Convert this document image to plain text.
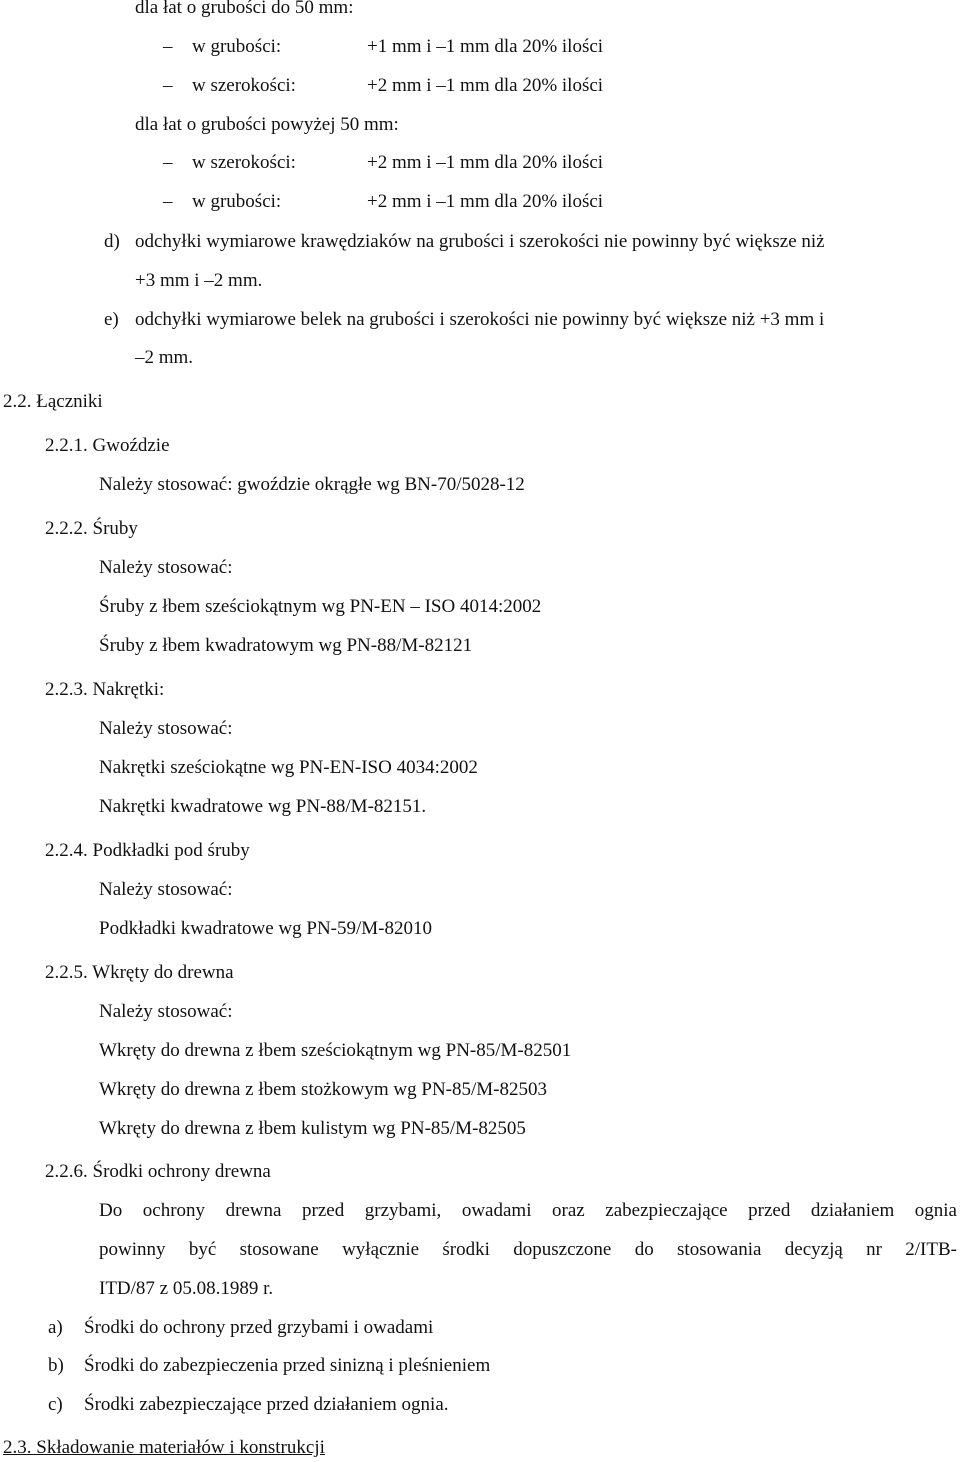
dla łat o grubości do 50 mm:
– w grubości:	+1 mm i –1 mm dla 20% ilości
– w szerokości:	+2 mm i –1 mm dla 20% ilości
dla łat o grubości powyżej 50 mm:
– w szerokości:	+2 mm i –1 mm dla 20% ilości
– w grubości:	+2 mm i –1 mm dla 20% ilości
d) odchyłki wymiarowe krawędziaków na grubości i szerokości nie powinny być większe niż
+3 mm i –2 mm.
e) odchyłki wymiarowe belek na grubości i szerokości nie powinny być większe niż +3 mm i
–2 mm.
2.2. Łączniki
2.2.1. Gwoździe
Należy stosować: gwoździe okrągłe wg BN-70/5028-12
2.2.2. Śruby
Należy stosować:
Śruby z łbem sześciokątnym wg PN-EN – ISO 4014:2002
Śruby z łbem kwadratowym wg PN-88/M-82121
2.2.3. Nakrętki:
Należy stosować:
Nakrętki sześciokątne wg PN-EN-ISO 4034:2002
Nakrętki kwadratowe wg PN-88/M-82151.
2.2.4. Podkładki pod śruby
Należy stosować:
Podkładki kwadratowe wg PN-59/M-82010
2.2.5. Wkręty do drewna
Należy stosować:
Wkręty do drewna z łbem sześciokątnym wg PN-85/M-82501
Wkręty do drewna z łbem stożkowym wg PN-85/M-82503
Wkręty do drewna z łbem kulistym wg PN-85/M-82505
2.2.6. Środki ochrony drewna
Do ochrony drewna przed grzybami, owadami oraz zabezpieczające przed działaniem ognia
powinny być stosowane wyłącznie środki dopuszczone do stosowania decyzją nr 2/ITB-
ITD/87 z 05.08.1989 r.
a) Środki do ochrony przed grzybami i owadami
b) Środki do zabezpieczenia przed sinizną i pleśnieniem
c) Środki zabezpieczające przed działaniem ognia.
2.3. Składowanie materiałów i konstrukcji
